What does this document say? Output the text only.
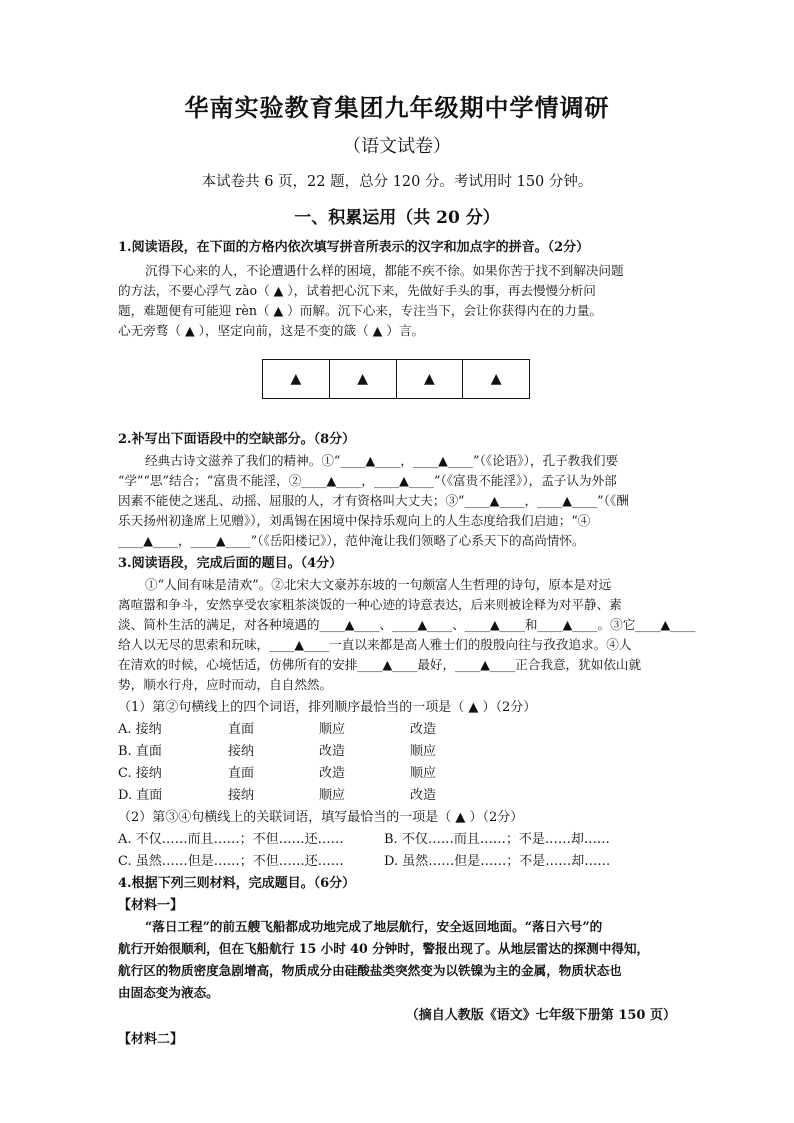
华南实验教育集团九年级期中学情调研
（语文试卷）
本试卷共 6 页，22 题，总分 120 分。考试用时 150 分钟。
一、积累运用（共 20 分）
1.阅读语段，在下面的方格内依次填写拼音所表示的汉字和加点字的拼音。（2分）
沉得下心来的人，不论遭遇什么样的困境，都能不疾不徐。如果你苦于找不到解决问题
的方法，不要心浮气 zào（ ▲ ），试着把心沉下来，先做好手头的事，再去慢慢分析问
题，难题便有可能迎 rèn（ ▲ ）而解。沉下心来，专注当下，会让你获得内在的力量。
心无旁骛（ ▲ ），坚定向前，这是不变的箴（ ▲ ）言。
▲	▲	▲	▲
2.补写出下面语段中的空缺部分。（8分）
经典古诗文滋养了我们的精神。①“____▲____，____▲____”（《论语》），孔子教我们要
“学”“思”结合；“富贵不能淫，②____▲____，____▲____”（《富贵不能淫》），孟子认为外部
因素不能使之迷乱、动摇、屈服的人，才有资格叫大丈夫；③“____▲____，____▲____”（《酬
乐天扬州初逢席上见赠》），刘禹锡在困境中保持乐观向上的人生态度给我们启迪；“④
____▲____，____▲____”（《岳阳楼记》），范仲淹让我们领略了心系天下的高尚情怀。
3.阅读语段，完成后面的题目。（4分）
①“人间有味是清欢”。②北宋大文豪苏东坡的一句颇富人生哲理的诗句，原本是对远
离喧嚣和争斗，安然享受农家粗茶淡饭的一种心迹的诗意表达，后来则被诠释为对平静、素
淡、简朴生活的满足，对各种境遇的____▲____、____▲____、____▲____和____▲____。③它____▲____
给人以无尽的思索和玩味，____▲____一直以来都是高人雅士们的殷殷向往与孜孜追求。④人
在清欢的时候，心境恬适，仿佛所有的安排____▲____最好，____▲____正合我意，犹如依山就
势，顺水行舟，应时而动，自自然然。
（1）第②句横线上的四个词语，排列顺序最恰当的一项是（ ▲ ）（2分）
A. 接纳	直面	顺应	改造
B. 直面	接纳	改造	顺应
C. 接纳	直面	改造	顺应
D. 直面	接纳	顺应	改造
（2）第③④句横线上的关联词语，填写最恰当的一项是（ ▲ ）（2分）
A. 不仅……而且……；不但……还……	B. 不仅……而且……；不是……却……
C. 虽然……但是……；不但……还……	D. 虽然……但是……；不是……却……
4.根据下列三则材料，完成题目。（6分）
【材料一】
“落日工程”的前五艘飞船都成功地完成了地层航行，安全返回地面。“落日六号”的
航行开始很顺利，但在飞船航行 15 小时 40 分钟时，警报出现了。从地层雷达的探测中得知，
航行区的物质密度急剧增高，物质成分由硅酸盐类突然变为以铁镍为主的金属，物质状态也
由固态变为液态。
（摘自人教版《语文》七年级下册第 150 页）
【材料二】
